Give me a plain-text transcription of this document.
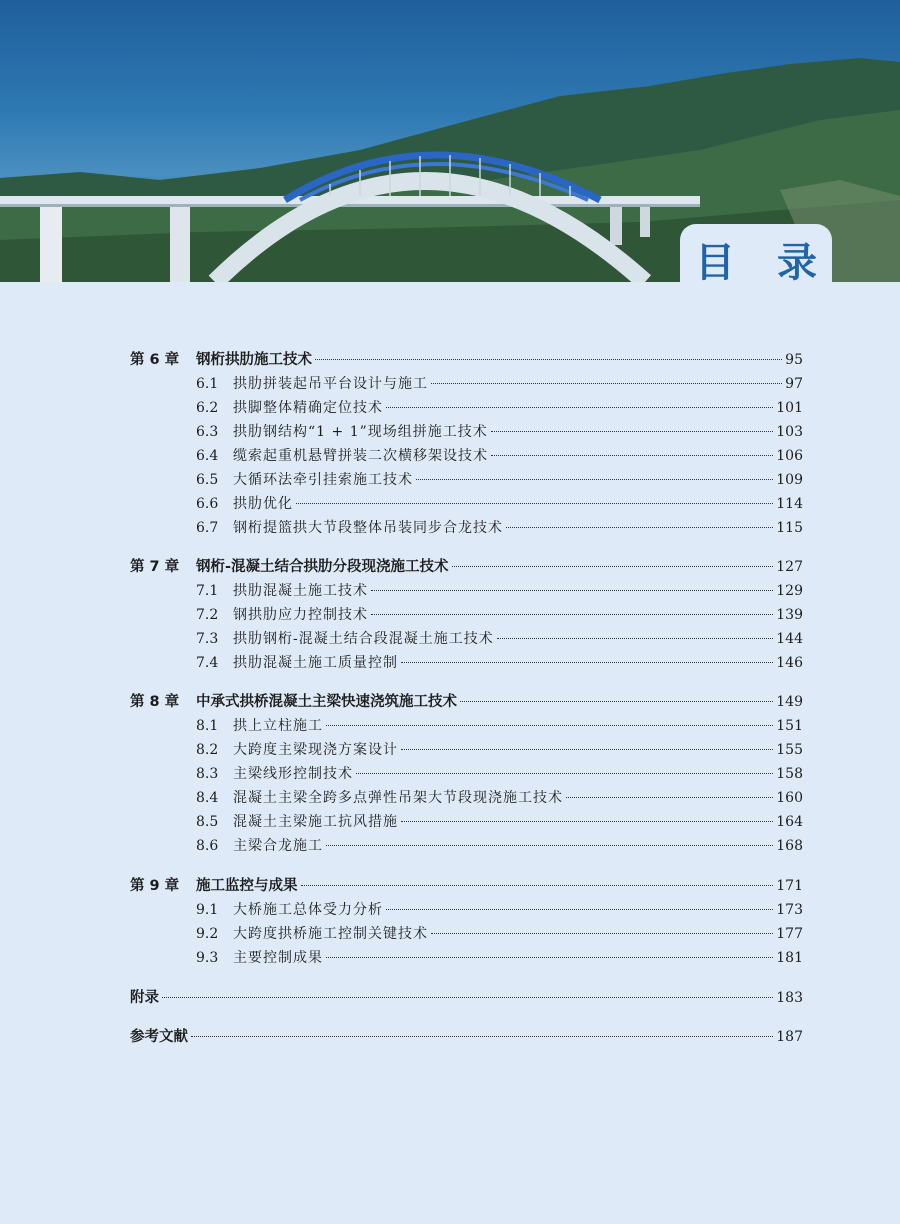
目 录
第 6 章	钢桁拱肋施工技术	95
6.1	拱肋拼装起吊平台设计与施工	97
6.2	拱脚整体精确定位技术	101
6.3	拱肋钢结构“1 + 1”现场组拼施工技术	103
6.4	缆索起重机悬臂拼装二次横移架设技术	106
6.5	大循环法牵引挂索施工技术	109
6.6	拱肋优化	114
6.7	钢桁提篮拱大节段整体吊装同步合龙技术	115
第 7 章	钢桁-混凝土结合拱肋分段现浇施工技术	127
7.1	拱肋混凝土施工技术	129
7.2	钢拱肋应力控制技术	139
7.3	拱肋钢桁-混凝土结合段混凝土施工技术	144
7.4	拱肋混凝土施工质量控制	146
第 8 章	中承式拱桥混凝土主梁快速浇筑施工技术	149
8.1	拱上立柱施工	151
8.2	大跨度主梁现浇方案设计	155
8.3	主梁线形控制技术	158
8.4	混凝土主梁全跨多点弹性吊架大节段现浇施工技术	160
8.5	混凝土主梁施工抗风措施	164
8.6	主梁合龙施工	168
第 9 章	施工监控与成果	171
9.1	大桥施工总体受力分析	173
9.2	大跨度拱桥施工控制关键技术	177
9.3	主要控制成果	181
附录	183
参考文献	187
